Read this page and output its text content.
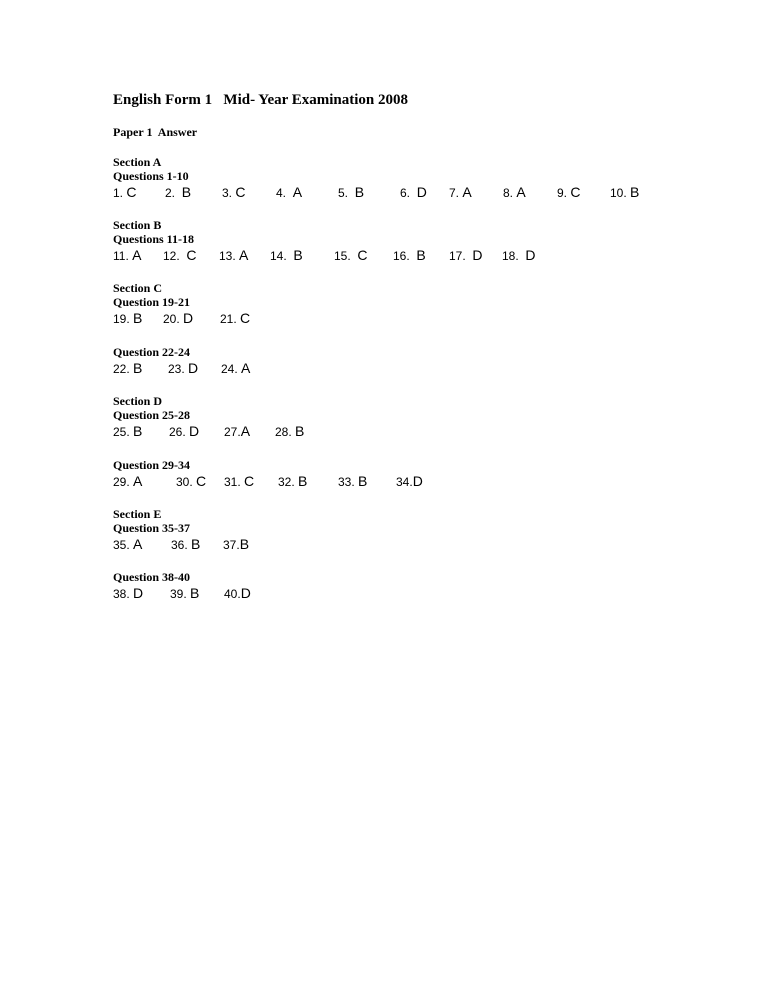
English Form 1   Mid- Year Examination 2008

Paper 1  Answer
Section A
Questions 1-10
1. C 2.  B	3. C	4.  A	5.  B	6.  D 7. A	8. A	9. C 10. B
Section B
Questions 11-18
11. A 12.  C 13. A 14.  B	15.  C 16.  B 17.  D 18.  D
Section C
Question 19-21
19. B 20. D 21. C
Question 22-24
22. B 23. D 24. A
Section D
Question 25-28
25. B 26. D 27.A 28. B
Question 29-34
29. A	30. C 31. C 32. B	33. B 34.D
Section E
Question 35-37
35. A 36. B 37.B
Question 38-40
38. D 39. B 40.D
